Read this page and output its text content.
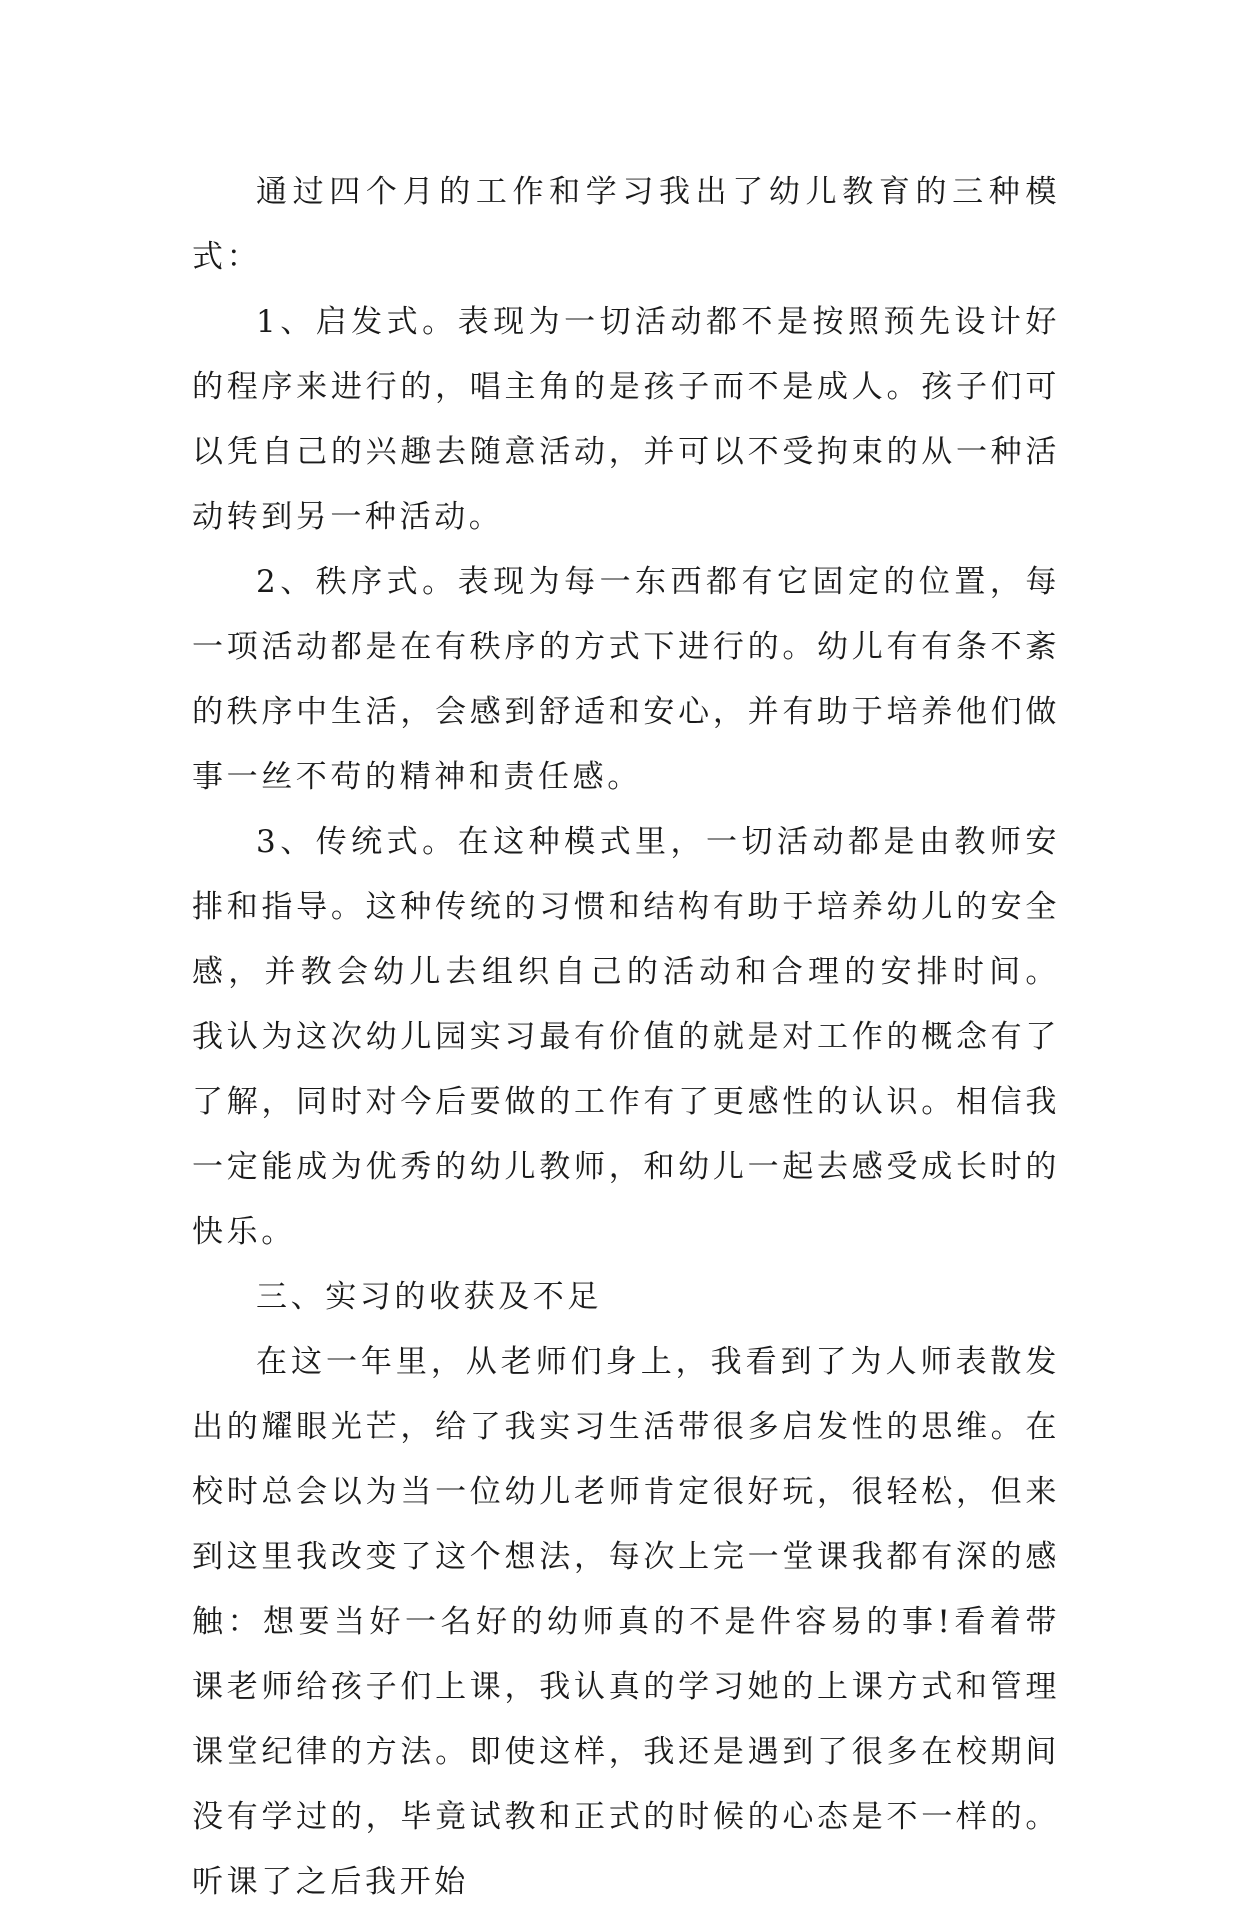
通过四个月的工作和学习我出了幼儿教育的三种模式：

1、启发式。表现为一切活动都不是按照预先设计好的程序来进行的，唱主角的是孩子而不是成人。孩子们可以凭自己的兴趣去随意活动，并可以不受拘束的从一种活动转到另一种活动。

2、秩序式。表现为每一东西都有它固定的位置，每一项活动都是在有秩序的方式下进行的。幼儿有有条不紊的秩序中生活，会感到舒适和安心，并有助于培养他们做事一丝不苟的精神和责任感。

3、传统式。在这种模式里，一切活动都是由教师安排和指导。这种传统的习惯和结构有助于培养幼儿的安全感，并教会幼儿去组织自己的活动和合理的安排时间。 我认为这次幼儿园实习最有价值的就是对工作的概念有了了解，同时对今后要做的工作有了更感性的认识。相信我一定能成为优秀的幼儿教师，和幼儿一起去感受成长时的快乐。

三、实习的收获及不足

在这一年里，从老师们身上，我看到了为人师表散发出的耀眼光芒，给了我实习生活带很多启发性的思维。在校时总会以为当一位幼儿老师肯定很好玩，很轻松，但来到这里我改变了这个想法，每次上完一堂课我都有深的感触：想要当好一名好的幼师真的不是件容易的事!看着带课老师给孩子们上课，我认真的学习她的上课方式和管理课堂纪律的方法。即使这样，我还是遇到了很多在校期间没有学过的，毕竟试教和正式的时候的心态是不一样的。听课了之后我开始
